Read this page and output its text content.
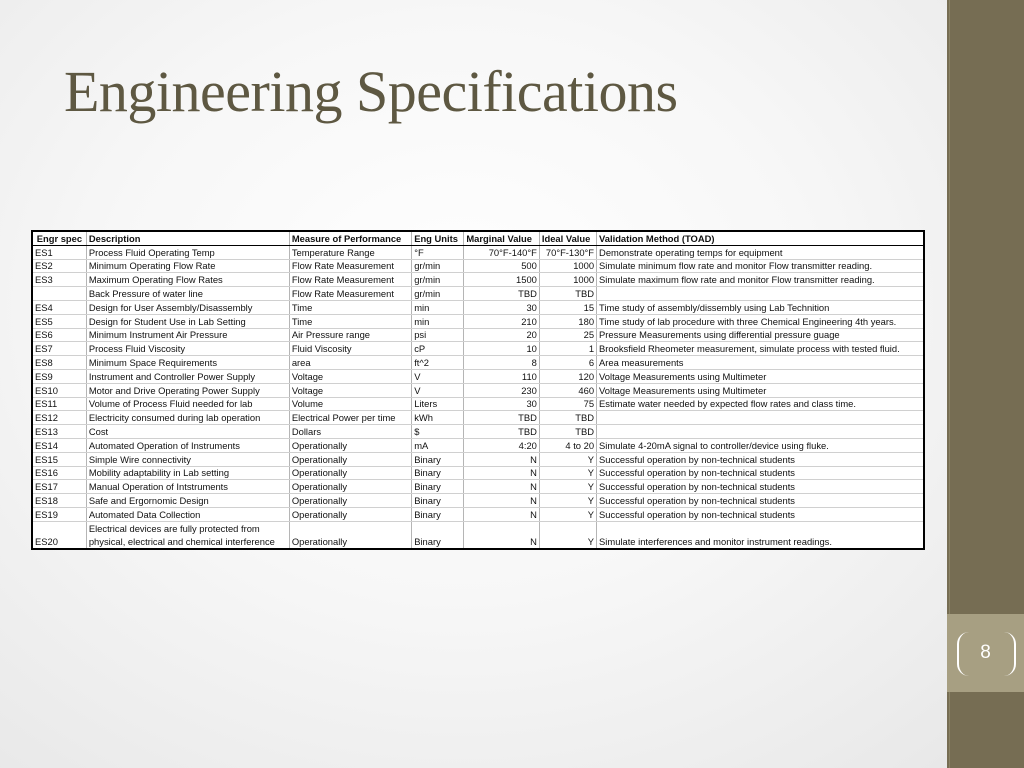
Engineering Specifications
Engr spec	Description	Measure of Performance	Eng Units	Marginal Value	Ideal Value	Validation Method (TOAD)
ES1	Process Fluid Operating Temp	Temperature Range	°F	70°F-140°F	70°F-130°F	Demonstrate operating temps for equipment
ES2	Minimum Operating Flow Rate	Flow Rate Measurement	gr/min	500	1000	Simulate minimum flow rate and monitor Flow transmitter reading.
ES3	Maximum Operating Flow Rates	Flow Rate Measurement	gr/min	1500	1000	Simulate maximum flow rate and monitor Flow transmitter reading.
	Back Pressure of water line	Flow Rate Measurement	gr/min	TBD	TBD	
ES4	Design for User Assembly/Disassembly	Time	min	30	15	Time study of assembly/dissembly using Lab Technition
ES5	Design for Student Use in Lab Setting	Time	min	210	180	Time study of lab procedure with three Chemical Engineering 4th years.
ES6	Minimum Instrument Air Pressure	Air Pressure range	psi	20	25	Pressure Measurements using differential pressure guage
ES7	Process Fluid Viscosity	Fluid Viscosity	cP	10	1	Brooksfield Rheometer measurement, simulate process with tested fluid.
ES8	Minimum Space Requirements	area	ft^2	8	6	Area measurements
ES9	Instrument and Controller Power Supply	Voltage	V	110	120	Voltage Measurements using Multimeter
ES10	Motor and Drive Operating Power Supply	Voltage	V	230	460	Voltage Measurements using Multimeter
ES11	Volume of Process Fluid needed for lab	Volume	Liters	30	75	Estimate water needed by expected flow rates and class time.
ES12	Electricity consumed during lab operation	Electrical Power per time	kWh	TBD	TBD	
ES13	Cost	Dollars	$	TBD	TBD	
ES14	Automated Operation of Instruments	Operationally	mA	4:20	4 to 20	Simulate 4-20mA signal to controller/device using fluke.
ES15	Simple Wire connectivity	Operationally	Binary	N	Y	Successful operation by non-technical students
ES16	Mobility adaptability in Lab setting	Operationally	Binary	N	Y	Successful operation by non-technical students
ES17	Manual Operation of Intstruments	Operationally	Binary	N	Y	Successful operation by non-technical students
ES18	Safe and Ergornomic Design	Operationally	Binary	N	Y	Successful operation by non-technical students
ES19	Automated Data Collection	Operationally	Binary	N	Y	Successful operation by non-technical students
ES20	Electrical devices are fully protected from physical, electrical and chemical interference	Operationally	Binary	N	Y	Simulate interferences and monitor instrument readings.
8
